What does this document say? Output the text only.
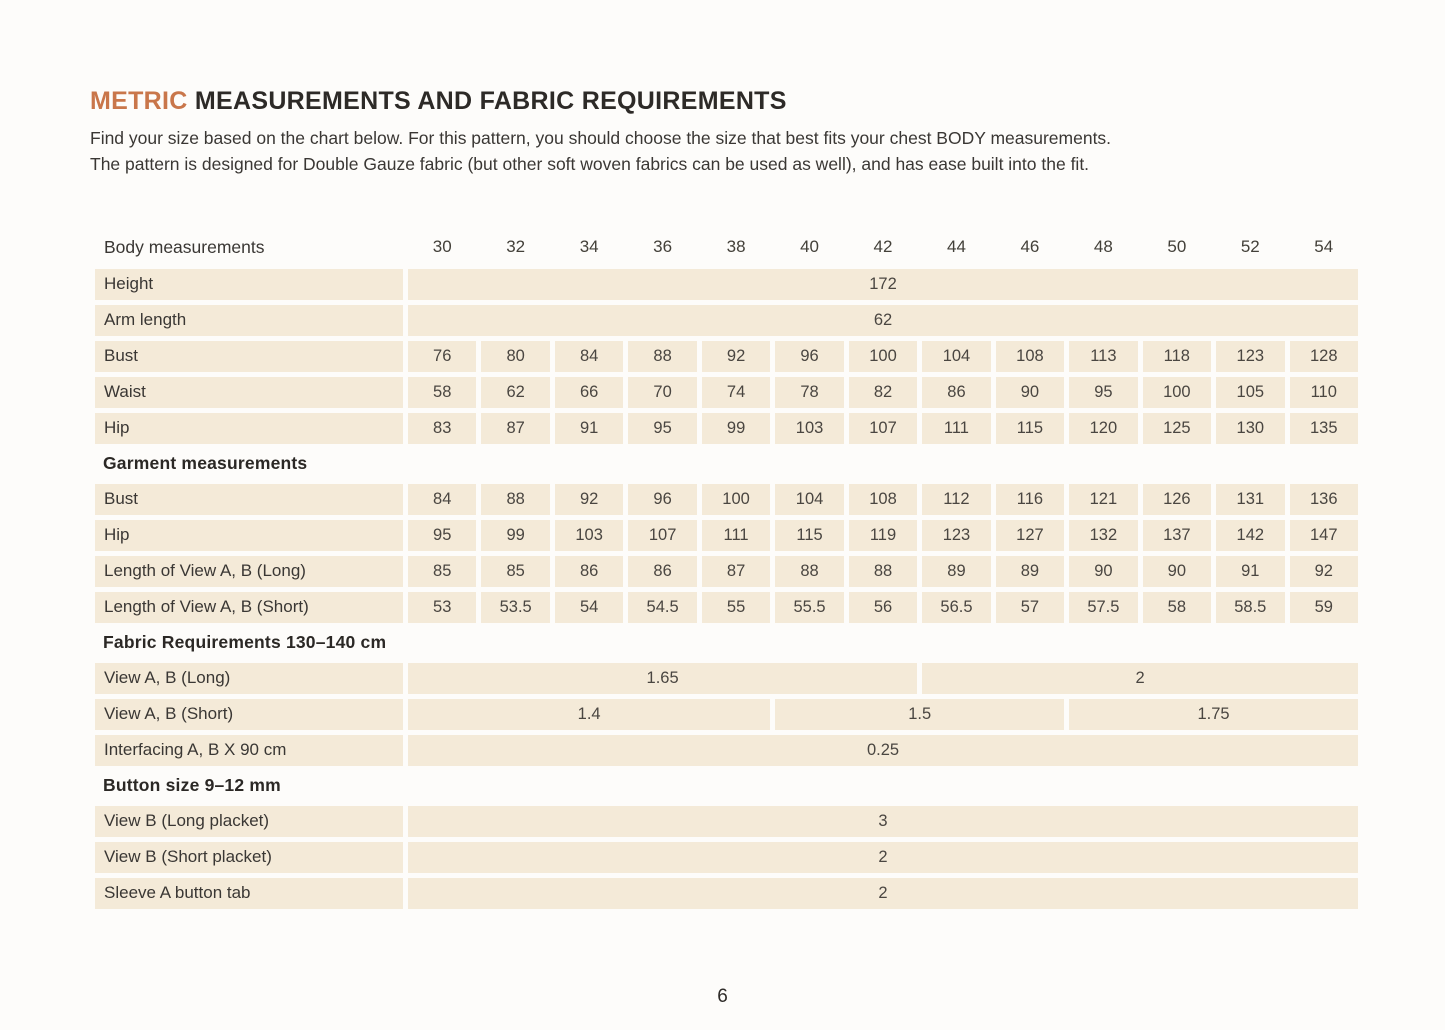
METRIC MEASUREMENTS AND FABRIC REQUIREMENTS

Find your size based on the chart below. For this pattern, you should choose the size that best fits your chest BODY measurements.
The pattern is designed for Double Gauze fabric (but other soft woven fabrics can be used as well), and has ease built into the fit.

Body measurements	30	32	34	36	38	40	42	44	46	48	50	52	54
Height	172
Arm length	62
Bust	76	80	84	88	92	96	100	104	108	113	118	123	128
Waist	58	62	66	70	74	78	82	86	90	95	100	105	110
Hip	83	87	91	95	99	103	107	111	115	120	125	130	135
Garment measurements
Bust	84	88	92	96	100	104	108	112	116	121	126	131	136
Hip	95	99	103	107	111	115	119	123	127	132	137	142	147
Length of View A, B (Long)	85	85	86	86	87	88	88	89	89	90	90	91	92
Length of View A, B (Short)	53	53.5	54	54.5	55	55.5	56	56.5	57	57.5	58	58.5	59
Fabric Requirements 130–140 cm
View A, B (Long)	1.65	2
View A, B (Short)	1.4	1.5	1.75
Interfacing A, B X 90 cm	0.25
Button size 9–12 mm
View B (Long placket)	3
View B (Short placket)	2
Sleeve A button tab	2
6
